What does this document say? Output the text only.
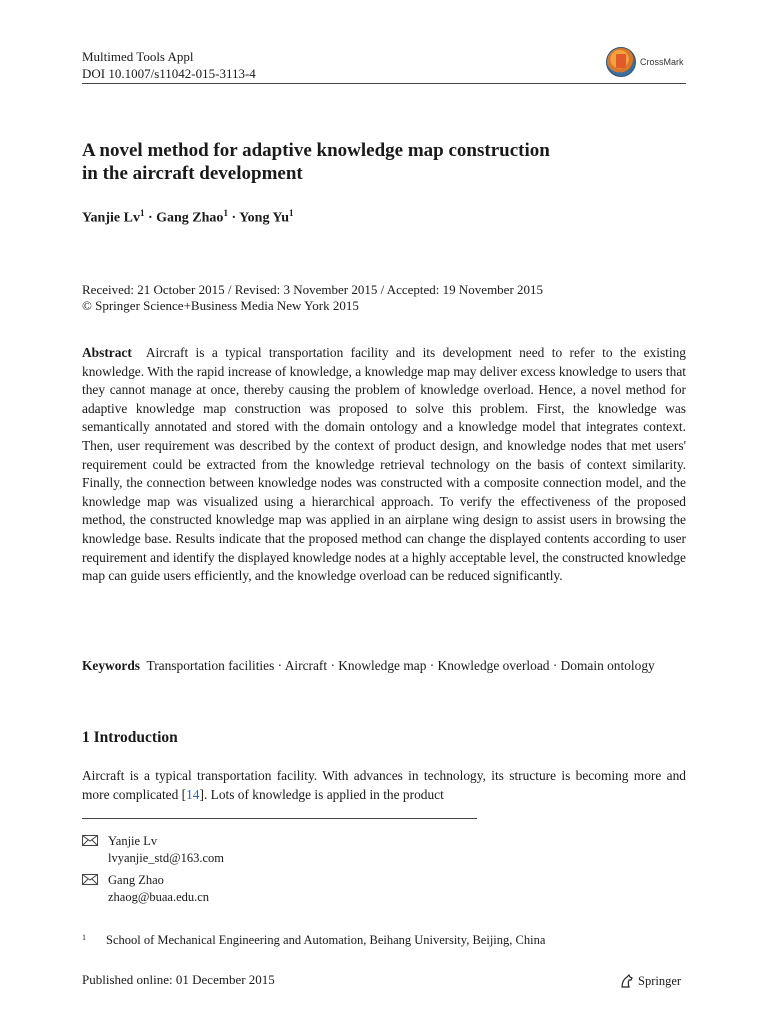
Multimed Tools Appl
DOI 10.1007/s11042-015-3113-4
CrossMark
A novel method for adaptive knowledge map construction
in the aircraft development
Yanjie $Lv^1$ · Gang Zhao$^1$ · Yong Yu$^1$
Received: 21 October 2015 / Revised: 3 November 2015 / Accepted: 19 November 2015
© Springer Science+Business Media New York 2015
Abstract Aircraft is a typical transportation facility and its development need to refer to the existing knowledge. With the rapid increase of knowledge, a knowledge map may deliver excess knowledge to users that they cannot manage at once, thereby causing the problem of knowledge overload. Hence, a novel method for adaptive knowledge map construction was proposed to solve this problem. First, the knowledge was semantically annotated and stored with the domain ontology and a knowledge model that integrates context. Then, user requirement was described by the context of product design, and knowledge nodes that met users' requirement could be extracted from the knowledge retrieval technology on the basis of context similarity. Finally, the connection between knowledge nodes was constructed with a composite connection model, and the knowledge map was visualized using a hierarchical approach. To verify the effectiveness of the proposed method, the constructed knowledge map was applied in an airplane wing design to assist users in browsing the knowledge base. Results indicate that the proposed method can change the displayed contents according to user requirement and identify the displayed knowledge nodes at a highly acceptable level, the constructed knowledge map can guide users efficiently, and the knowledge overload can be reduced significantly.
Keywords Transportation facilities · Aircraft · Knowledge map · Knowledge overload · Domain ontology
1 Introduction
Aircraft is a typical transportation facility. With advances in technology, its structure is becoming more and more complicated [14]. Lots of knowledge is applied in the product
Yanjie Lv
lvyanjie_std@163.com
Gang Zhao
zhaog@buaa.edu.cn
1	School of Mechanical Engineering and Automation, Beihang University, Beijing, China
Published online: 01 December 2015	Springer
